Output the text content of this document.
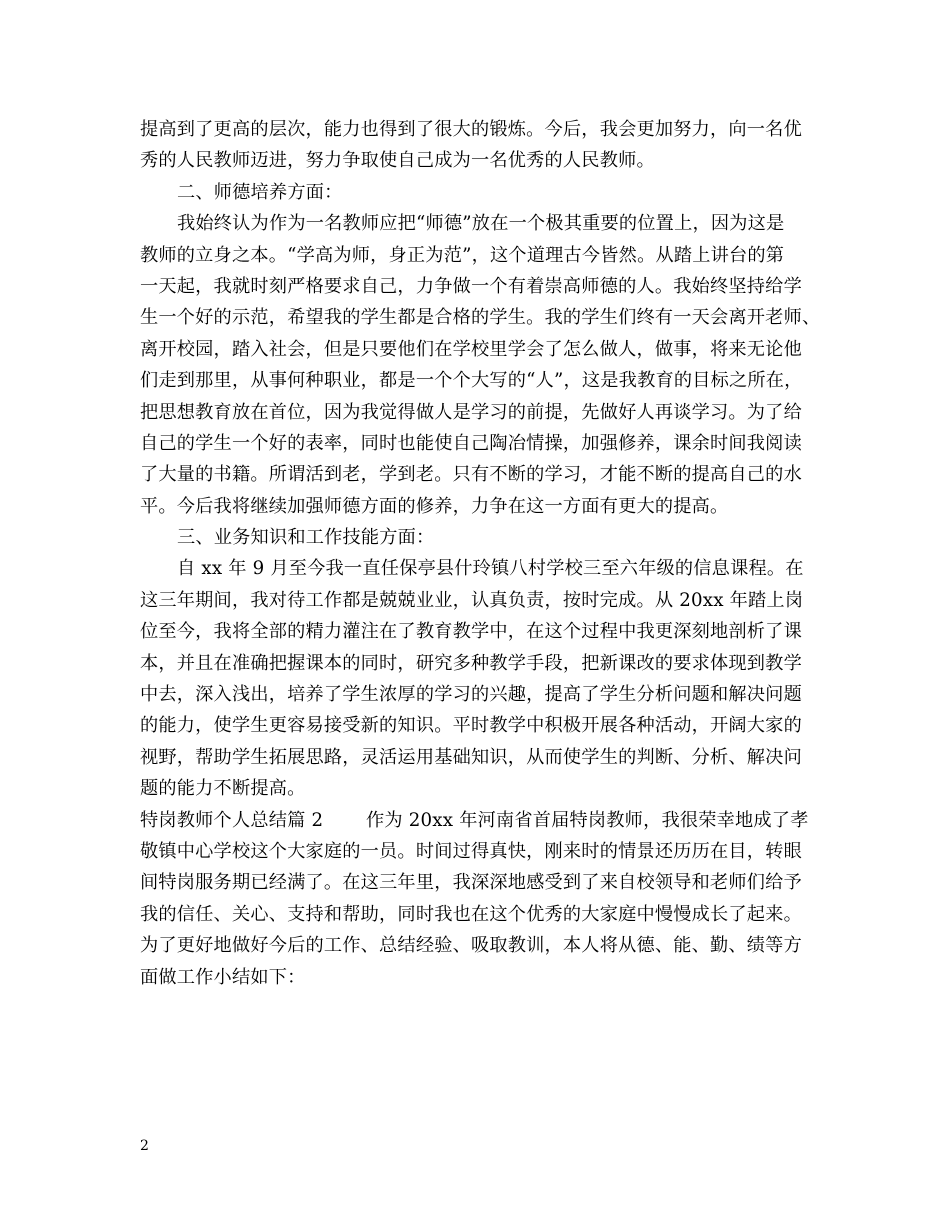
提高到了更高的层次，能力也得到了很大的锻炼。今后，我会更加努力，向一名优
秀的人民教师迈进，努力争取使自己成为一名优秀的人民教师。
二、师德培养方面：
我始终认为作为一名教师应把“师德”放在一个极其重要的位置上，因为这是
教师的立身之本。“学高为师，身正为范”，这个道理古今皆然。从踏上讲台的第
一天起，我就时刻严格要求自己，力争做一个有着崇高师德的人。我始终坚持给学
生一个好的示范，希望我的学生都是合格的学生。我的学生们终有一天会离开老师、
离开校园，踏入社会，但是只要他们在学校里学会了怎么做人，做事，将来无论他
们走到那里，从事何种职业，都是一个个大写的“人”，这是我教育的目标之所在，
把思想教育放在首位，因为我觉得做人是学习的前提，先做好人再谈学习。为了给
自己的学生一个好的表率，同时也能使自己陶冶情操，加强修养，课余时间我阅读
了大量的书籍。所谓活到老，学到老。只有不断的学习，才能不断的提高自己的水
平。今后我将继续加强师德方面的修养，力争在这一方面有更大的提高。
三、业务知识和工作技能方面：
自 xx 年 9 月至今我一直任保亭县什玲镇八村学校三至六年级的信息课程。在
这三年期间，我对待工作都是兢兢业业，认真负责，按时完成。从 20xx 年踏上岗
位至今，我将全部的精力灌注在了教育教学中，在这个过程中我更深刻地剖析了课
本，并且在准确把握课本的同时，研究多种教学手段，把新课改的要求体现到教学
中去，深入浅出，培养了学生浓厚的学习的兴趣，提高了学生分析问题和解决问题
的能力，使学生更容易接受新的知识。平时教学中积极开展各种活动，开阔大家的
视野，帮助学生拓展思路，灵活运用基础知识，从而使学生的判断、分析、解决问
题的能力不断提高。
特岗教师个人总结篇 2　　 作为 20xx 年河南省首届特岗教师，我很荣幸地成了孝
敬镇中心学校这个大家庭的一员。时间过得真快，刚来时的情景还历历在目，转眼
间特岗服务期已经满了。在这三年里，我深深地感受到了来自校领导和老师们给予
我的信任、关心、支持和帮助，同时我也在这个优秀的大家庭中慢慢成长了起来。
为了更好地做好今后的工作、总结经验、吸取教训，本人将从德、能、勤、绩等方
面做工作小结如下：
2
